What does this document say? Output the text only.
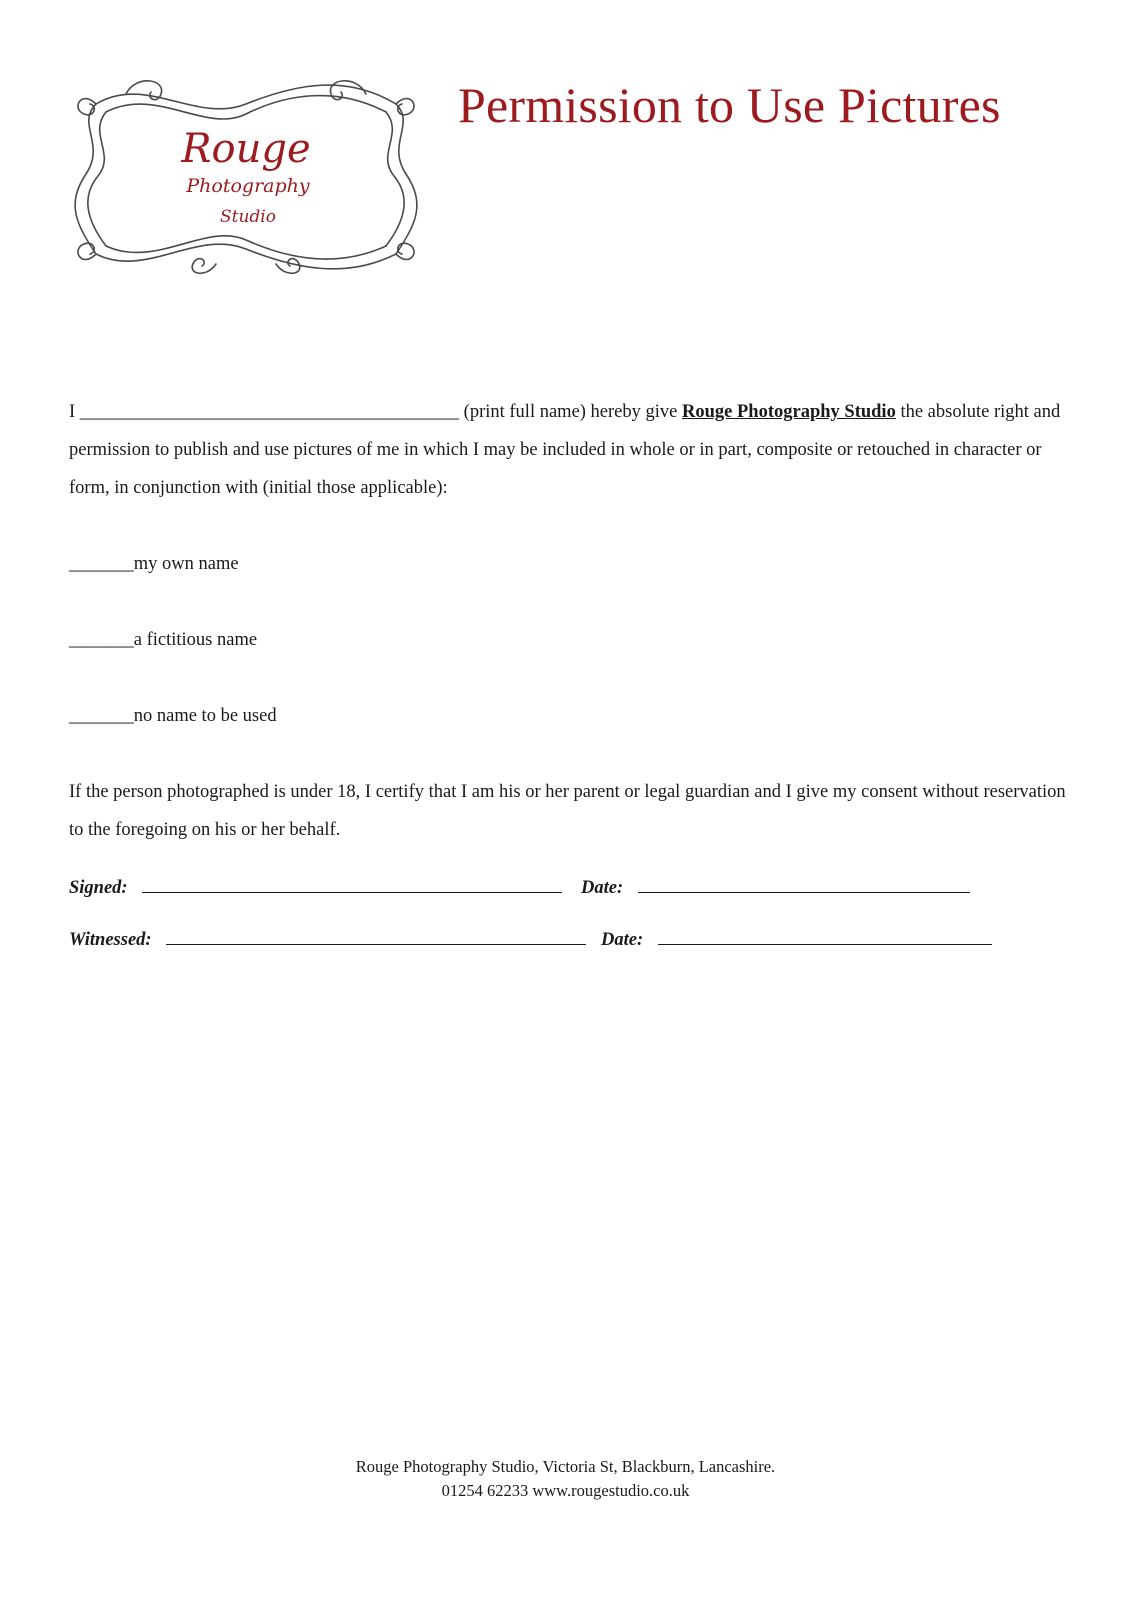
Rouge
Photography
Studio
Permission to Use Pictures

I _________________________________________ (print full name) hereby give Rouge Photography Studio the absolute right and permission to publish and use pictures of me in which I may be included in whole or in part, composite or retouched in character or form, in conjunction with (initial those applicable):

_______my own name

_______a fictitious name

_______no name to be used

If the person photographed is under 18, I certify that I am his or her parent or legal guardian and I give my consent without reservation to the foregoing on his or her behalf.

Signed:	Date:
Witnessed:	Date:
Rouge Photography Studio, Victoria St, Blackburn, Lancashire.
01254 62233 www.rougestudio.co.uk
